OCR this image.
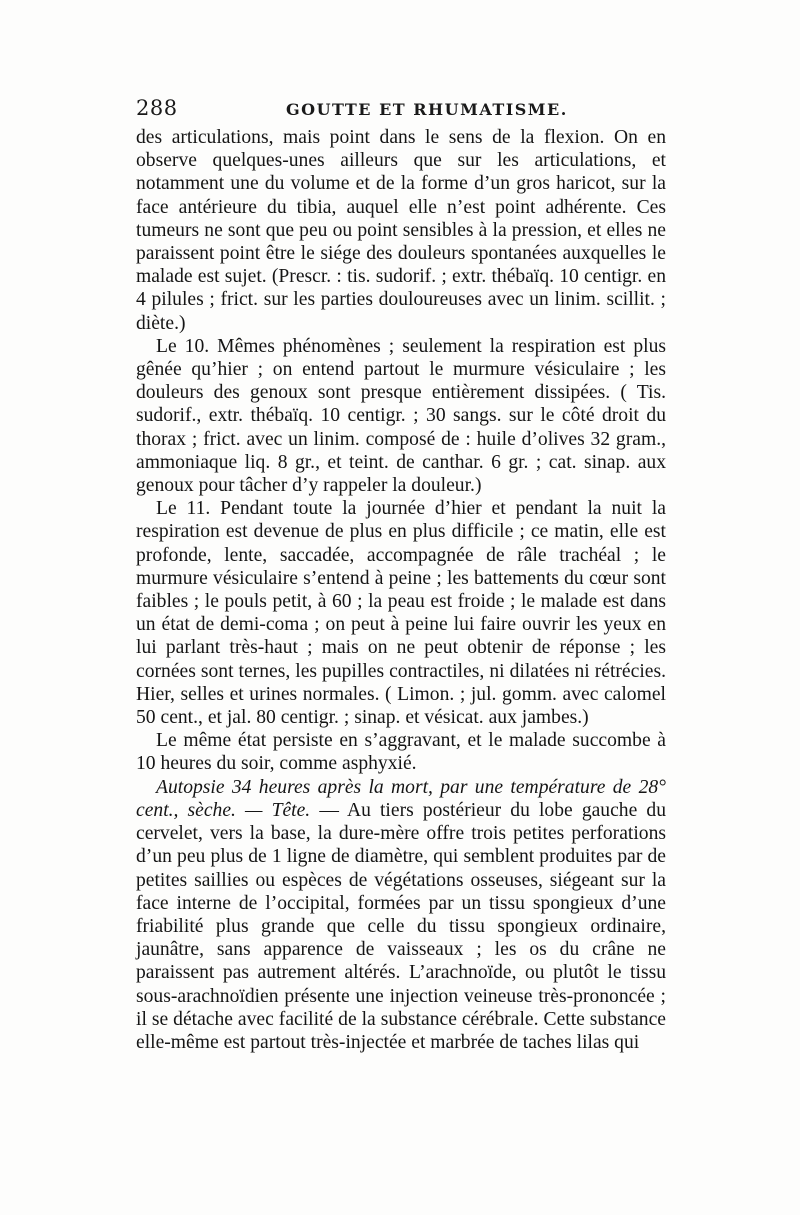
288	GOUTTE ET RHUMATISME.

des articulations, mais point dans le sens de la flexion. On en observe quelques-unes ailleurs que sur les articulations, et notamment une du volume et de la forme d’un gros haricot, sur la face antérieure du tibia, auquel elle n’est point adhérente. Ces tumeurs ne sont que peu ou point sensibles à la pression, et elles ne paraissent point être le siége des douleurs spontanées auxquelles le malade est sujet. (Prescr. : tis. sudorif. ; extr. thébaïq. 10 centigr. en 4 pilules ; frict. sur les parties douloureuses avec un linim. scillit. ; diète.)

Le 10. Mêmes phénomènes ; seulement la respiration est plus gênée qu’hier ; on entend partout le murmure vésiculaire ; les douleurs des genoux sont presque entièrement dissipées. ( Tis. sudorif., extr. thébaïq. 10 centigr. ; 30 sangs. sur le côté droit du thorax ; frict. avec un linim. composé de : huile d’olives 32 gram., ammoniaque liq. 8 gr., et teint. de canthar. 6 gr. ; cat. sinap. aux genoux pour tâcher d’y rappeler la douleur.)

Le 11. Pendant toute la journée d’hier et pendant la nuit la respiration est devenue de plus en plus difficile ; ce matin, elle est profonde, lente, saccadée, accompagnée de râle trachéal ; le murmure vésiculaire s’entend à peine ; les battements du cœur sont faibles ; le pouls petit, à 60 ; la peau est froide ; le malade est dans un état de demi-coma ; on peut à peine lui faire ouvrir les yeux en lui parlant très-haut ; mais on ne peut obtenir de réponse ; les cornées sont ternes, les pupilles contractiles, ni dilatées ni rétrécies. Hier, selles et urines normales. ( Limon. ; jul. gomm. avec calomel 50 cent., et jal. 80 centigr. ; sinap. et vésicat. aux jambes.)

Le même état persiste en s’aggravant, et le malade succombe à 10 heures du soir, comme asphyxié.

Autopsie 34 heures après la mort, par une température de 28° cent., sèche. — Tête. — Au tiers postérieur du lobe gauche du cervelet, vers la base, la dure-mère offre trois petites perforations d’un peu plus de 1 ligne de diamètre, qui semblent produites par de petites saillies ou espèces de végétations osseuses, siégeant sur la face interne de l’occipital, formées par un tissu spongieux d’une friabilité plus grande que celle du tissu spongieux ordinaire, jaunâtre, sans apparence de vaisseaux ; les os du crâne ne paraissent pas autrement altérés. L’arachnoïde, ou plutôt le tissu sous-arachnoïdien présente une injection veineuse très-prononcée ; il se détache avec facilité de la substance cérébrale. Cette substance elle-même est partout très-injectée et marbrée de taches lilas qui
